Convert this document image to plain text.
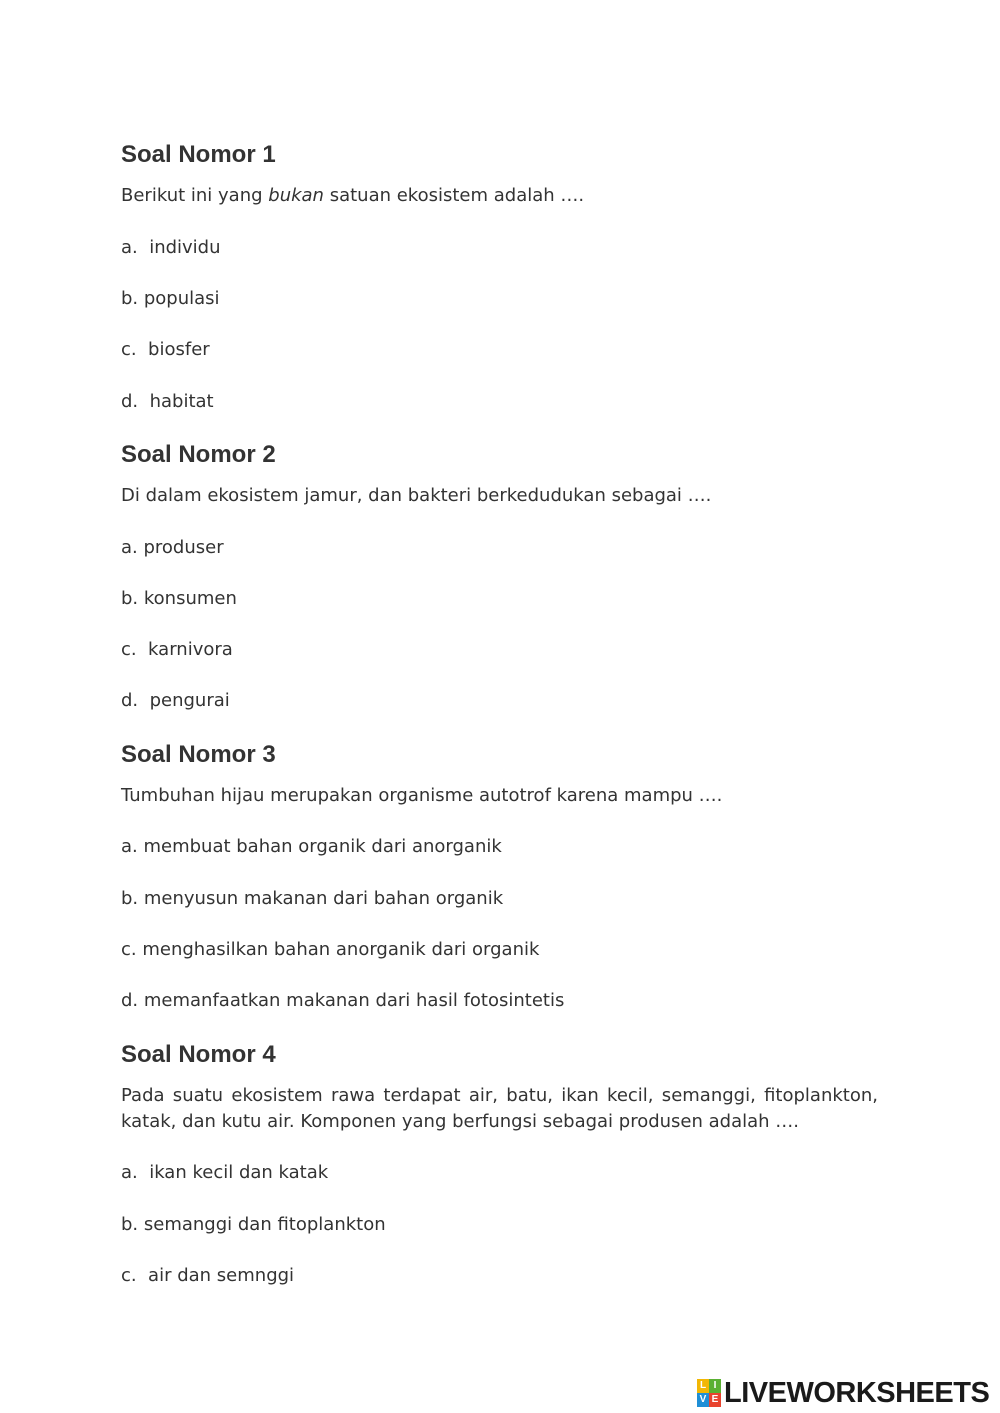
Soal Nomor 1

Berikut ini yang bukan satuan ekosistem adalah ….

a.  individu

b. populasi

c.  biosfer

d.  habitat

Soal Nomor 2

Di dalam ekosistem jamur, dan bakteri berkedudukan sebagai ….

a. produser

b. konsumen

c.  karnivora

d.  pengurai

Soal Nomor 3

Tumbuhan hijau merupakan organisme autotrof karena mampu ….

a. membuat bahan organik dari anorganik

b. menyusun makanan dari bahan organik

c. menghasilkan bahan anorganik dari organik

d. memanfaatkan makanan dari hasil fotosintetis

Soal Nomor 4

Pada suatu ekosistem rawa terdapat air, batu, ikan kecil, semanggi, fitoplankton, katak, dan kutu air. Komponen yang berfungsi sebagai produsen adalah ….

a.  ikan kecil dan katak

b. semanggi dan fitoplankton

c.  air dan semnggi

L I
V E LIVEWORKSHEETS
